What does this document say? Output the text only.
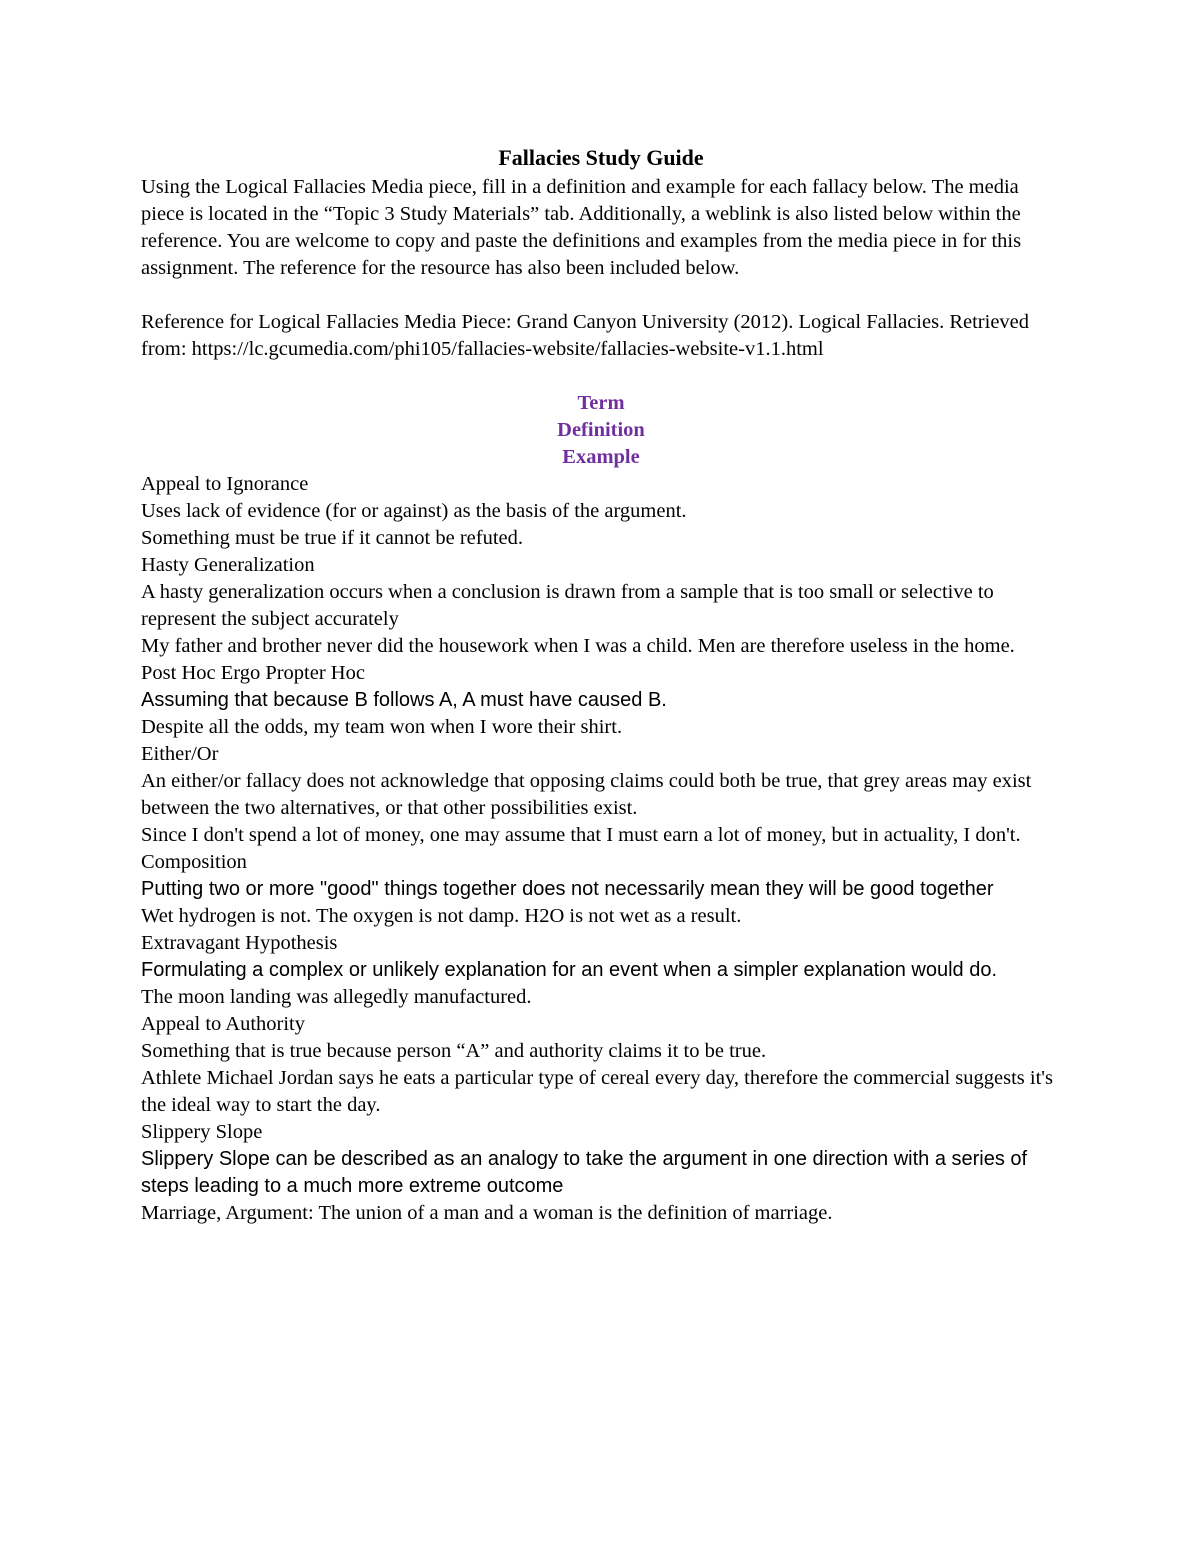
Fallacies Study Guide

Using the Logical Fallacies Media piece, fill in a definition and example for each fallacy below. The media piece is located in the “Topic 3 Study Materials” tab. Additionally, a weblink is also listed below within the reference. You are welcome to copy and paste the definitions and examples from the media piece in for this assignment. The reference for the resource has also been included below.

Reference for Logical Fallacies Media Piece: Grand Canyon University (2012). Logical Fallacies. Retrieved from: https://lc.gcumedia.com/phi105/fallacies-website/fallacies-website-v1.1.html

Term
Definition
Example

Appeal to Ignorance

Uses lack of evidence (for or against) as the basis of the argument.

Something must be true if it cannot be refuted.

Hasty Generalization

A hasty generalization occurs when a conclusion is drawn from a sample that is too small or selective to represent the subject accurately

My father and brother never did the housework when I was a child. Men are therefore useless in the home.

Post Hoc Ergo Propter Hoc

Assuming that because B follows A, A must have caused B.

Despite all the odds, my team won when I wore their shirt.

Either/Or

An either/or fallacy does not acknowledge that opposing claims could both be true, that grey areas may exist between the two alternatives, or that other possibilities exist.

Since I don't spend a lot of money, one may assume that I must earn a lot of money, but in actuality, I don't.

Composition

Putting two or more "good" things together does not necessarily mean they will be good together

Wet hydrogen is not. The oxygen is not damp. H2O is not wet as a result.

Extravagant Hypothesis

Formulating a complex or unlikely explanation for an event when a simpler explanation would do.

The moon landing was allegedly manufactured.

Appeal to Authority

Something that is true because person “A” and authority claims it to be true.

Athlete Michael Jordan says he eats a particular type of cereal every day, therefore the commercial suggests it's the ideal way to start the day.

Slippery Slope

Slippery Slope can be described as an analogy to take the argument in one direction with a series of steps leading to a much more extreme outcome

Marriage, Argument: The union of a man and a woman is the definition of marriage.
